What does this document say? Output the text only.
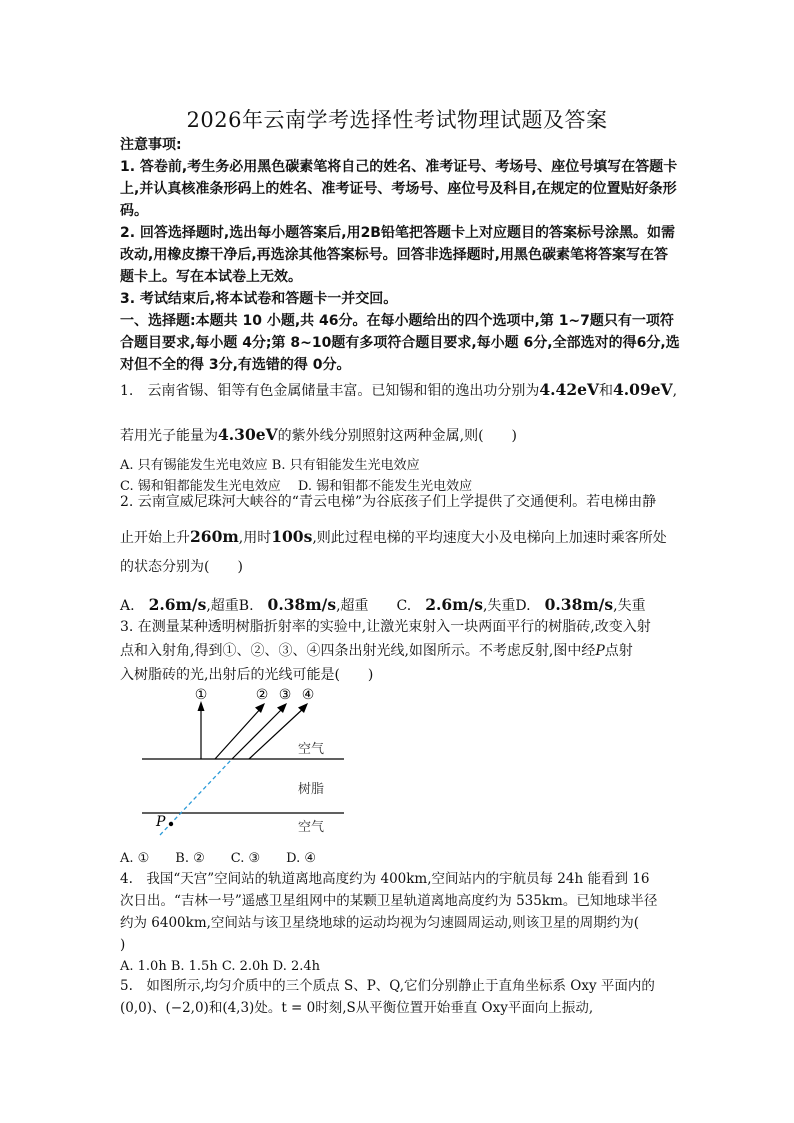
2026年云南学考选择性考试物理试题及答案

注意事项:

1. 答卷前,考生务必用黑色碳素笔将自己的姓名、准考证号、考场号、座位号填写在答题卡上,并认真核准条形码上的姓名、准考证号、考场号、座位号及科目,在规定的位置贴好条形码。

2. 回答选择题时,选出每小题答案后,用2B铅笔把答题卡上对应题目的答案标号涂黑。如需改动,用橡皮擦干净后,再选涂其他答案标号。回答非选择题时,用黑色碳素笔将答案写在答题卡上。写在本试卷上无效。

3. 考试结束后,将本试卷和答题卡一并交回。

一、选择题:本题共 10 小题,共 46分。在每小题给出的四个选项中,第 1~7题只有一项符合题目要求,每小题 4分;第 8~10题有多项符合题目要求,每小题 6分,全部选对的得6分,选对但不全的得 3分,有选错的得 0分。

1.　云南省锡、钼等有色金属储量丰富。已知锡和钼的逸出功分别为4.42eV和4.09eV,

若用光子能量为4.30eV的紫外线分别照射这两种金属,则(　　)

A. 只有锡能发生光电效应 B. 只有钼能发生光电效应

C. 锡和钼都能发生光电效应　 D. 锡和钼都不能发生光电效应

2. 云南宣威尼珠河大峡谷的“青云电梯”为谷底孩子们上学提供了交通便利。若电梯由静

止开始上升260m,用时100s,则此过程电梯的平均速度大小及电梯向上加速时乘客所处

的状态分别为(　　)

A.　 2.6m/s,超重B.　 0.38m/s,超重　　 C.　 2.6m/s,失重D.　 0.38m/s,失重

3. 在测量某种透明树脂折射率的实验中,让激光束射入一块两面平行的树脂砖,改变入射

点和入射角,得到①、②、③、④四条出射光线,如图所示。不考虑反射,图中经P点射

入树脂砖的光,出射后的光线可能是(　　)

①	② ③ ④
空气
树脂
空气
P
A. ①　　B. ②　　C. ③　　D. ④

4.　我国“天宫”空间站的轨道离地高度约为 400km,空间站内的宇航员每 24h 能看到 16

次日出。“吉林一号”遥感卫星组网中的某颗卫星轨道离地高度约为 535km。已知地球半径

约为 6400km,空间站与该卫星绕地球的运动均视为匀速圆周运动,则该卫星的周期约为(

)

A. 1.0h B. 1.5h C. 2.0h D. 2.4h

5.　如图所示,均匀介质中的三个质点 S、P、Q,它们分别静止于直角坐标系 Oxy 平面内的

(0,0)、(−2,0)和(4,3)处。t = 0时刻,S从平衡位置开始垂直 Oxy平面向上振动,
